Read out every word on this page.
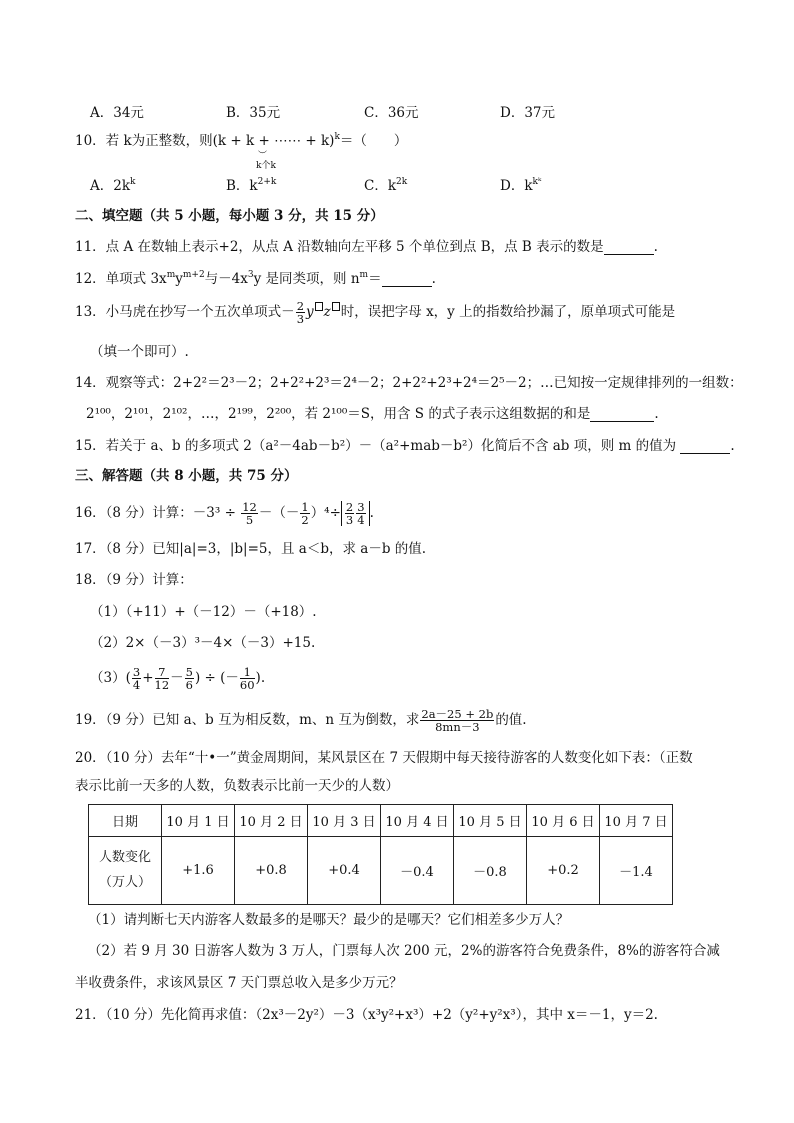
A．34元	B．35元	C．36元	D．37元
10．若 k为正整数，则(k + k + ⋯⋯ + k)$^k$＝（　　）
︶
k个k
A．$2k^k$	B．$k^{2+k}$	C．$k^{2k}$	D．$k^{kᵏ}$
二、填空题（共 5 小题，每小题 3 分，共 15 分）
11．点 A 在数轴上表示+2，从点 A 沿数轴向左平移 5 个单位到点 B，点 B 表示的数是	.
12．单项式 $3x^my^{m+2}$与$-4x^3y$ 是同类项，则 $n^m=$	.
13．小马虎在抄写一个五次单项式－ $\frac{2}{3}$ y z 时，误把字母 x，y 上的指数给抄漏了，原单项式可能是
（填一个即可）.
14．观察等式：2+2²＝2³－2；2+2²+2³＝2⁴－2；2+2²+2³+2⁴＝2⁵－2；…已知按一定规律排列的一组数：
2¹⁰⁰，2¹⁰¹，2¹⁰²，…，2¹⁹⁹，2²⁰⁰，若 2¹⁰⁰＝S，用含 S 的式子表示这组数据的和是	.
15．若关于 a、b 的多项式 2（a²－4ab－b²）－（a²+mab－b²）化简后不含 ab 项，则 m 的值为	.
三、解答题（共 8 小题，共 75 分）
16．（8 分）计算：$-3^3 \div \frac{12}{5}$ －（－ $\frac{1}{2} )^4\div \frac{2}{3} \frac{3}{4}$ .
17．（8 分）已知|a|=3，|b|=5，且 a＜b，求 a－b 的值.
18．（9 分）计算：
（1）（+11）+（－12）－（+18）.
（2）2×（－3）³－4×（－3）+15.
$(3)( \frac{3}{4} + \frac{7}{12} - \frac{5}{6}$ ) ÷ (－ $\frac{1}{60}$ ).
19．（9 分）已知 a、b 互为相反数，m、n 互为倒数，求 $\frac{2a-25 + 2b}{8mn-3}$ 的值.
20．（10 分）去年“十•一”黄金周期间，某风景区在 7 天假期中每天接待游客的人数变化如下表：（正数
表示比前一天多的人数，负数表示比前一天少的人数）
日期	10 月 1 日	10 月 2 日	10 月 3 日	10 月 4 日	10 月 5 日	10 月 6 日	10 月 7 日

人数变化
（万人）	+1.6	+0.8	+0.4	－0.4	－0.8	+0.2	－1.4
（1）请判断七天内游客人数最多的是哪天？最少的是哪天？它们相差多少万人？
（2）若 9 月 30 日游客人数为 3 万人，门票每人次 200 元，2%的游客符合免费条件，8%的游客符合减
半收费条件，求该风景区 7 天门票总收入是多少万元？
21．（10 分）先化简再求值：（2x³－2y²）－3（x³y²+x³）+2（y²+y²x³），其中 x＝－1，y＝2.
